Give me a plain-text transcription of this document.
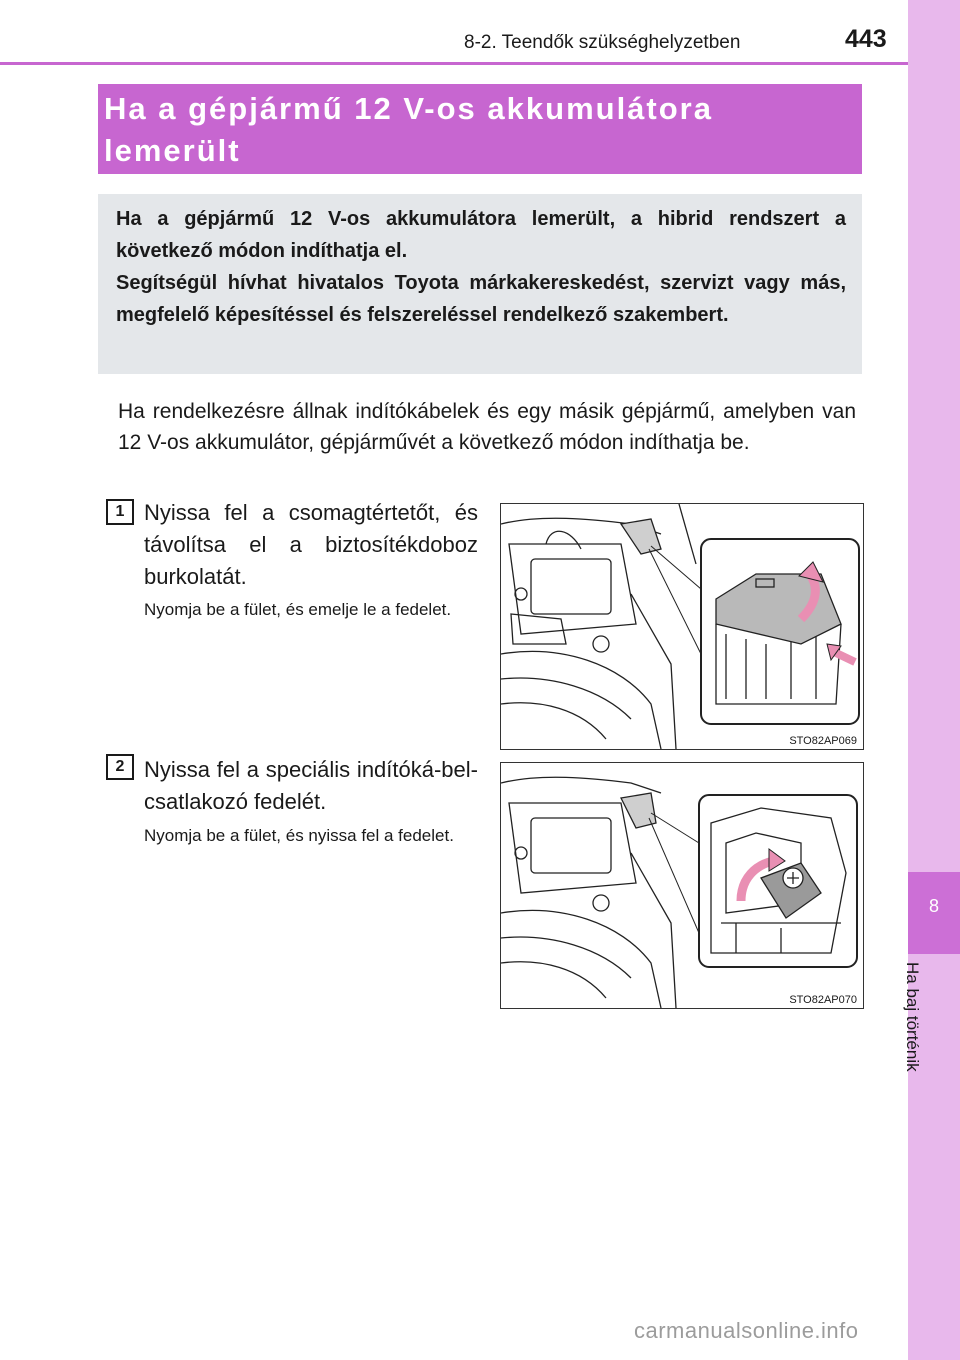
8
Ha baj történik
8-2. Teendők szükséghelyzetben	443
Ha a gépjármű 12 V-os akkumulátora lemerült

Ha a gépjármű 12 V-os akkumulátora lemerült, a hibrid rendszert a következő módon indíthatja el.

Segítségül hívhat hivatalos Toyota márkakereskedést, szervizt vagy más, megfelelő képesítéssel és felszereléssel rendelkező szakembert.

Ha rendelkezésre állnak indítókábelek és egy másik gépjármű, amelyben van 12 V-os akkumulátor, gépjárművét a következő módon indíthatja be.
1 Nyissa fel a csomagtértetőt, és távolítsa el a biztosítékdoboz burkolatát.
Nyomja be a fület, és emelje le a fedelet.
STO82AP069
2 Nyissa fel a speciális indítóká-bel-csatlakozó fedelét.
Nyomja be a fület, és nyissa fel a fedelet.
STO82AP070
carmanualsonline.info
